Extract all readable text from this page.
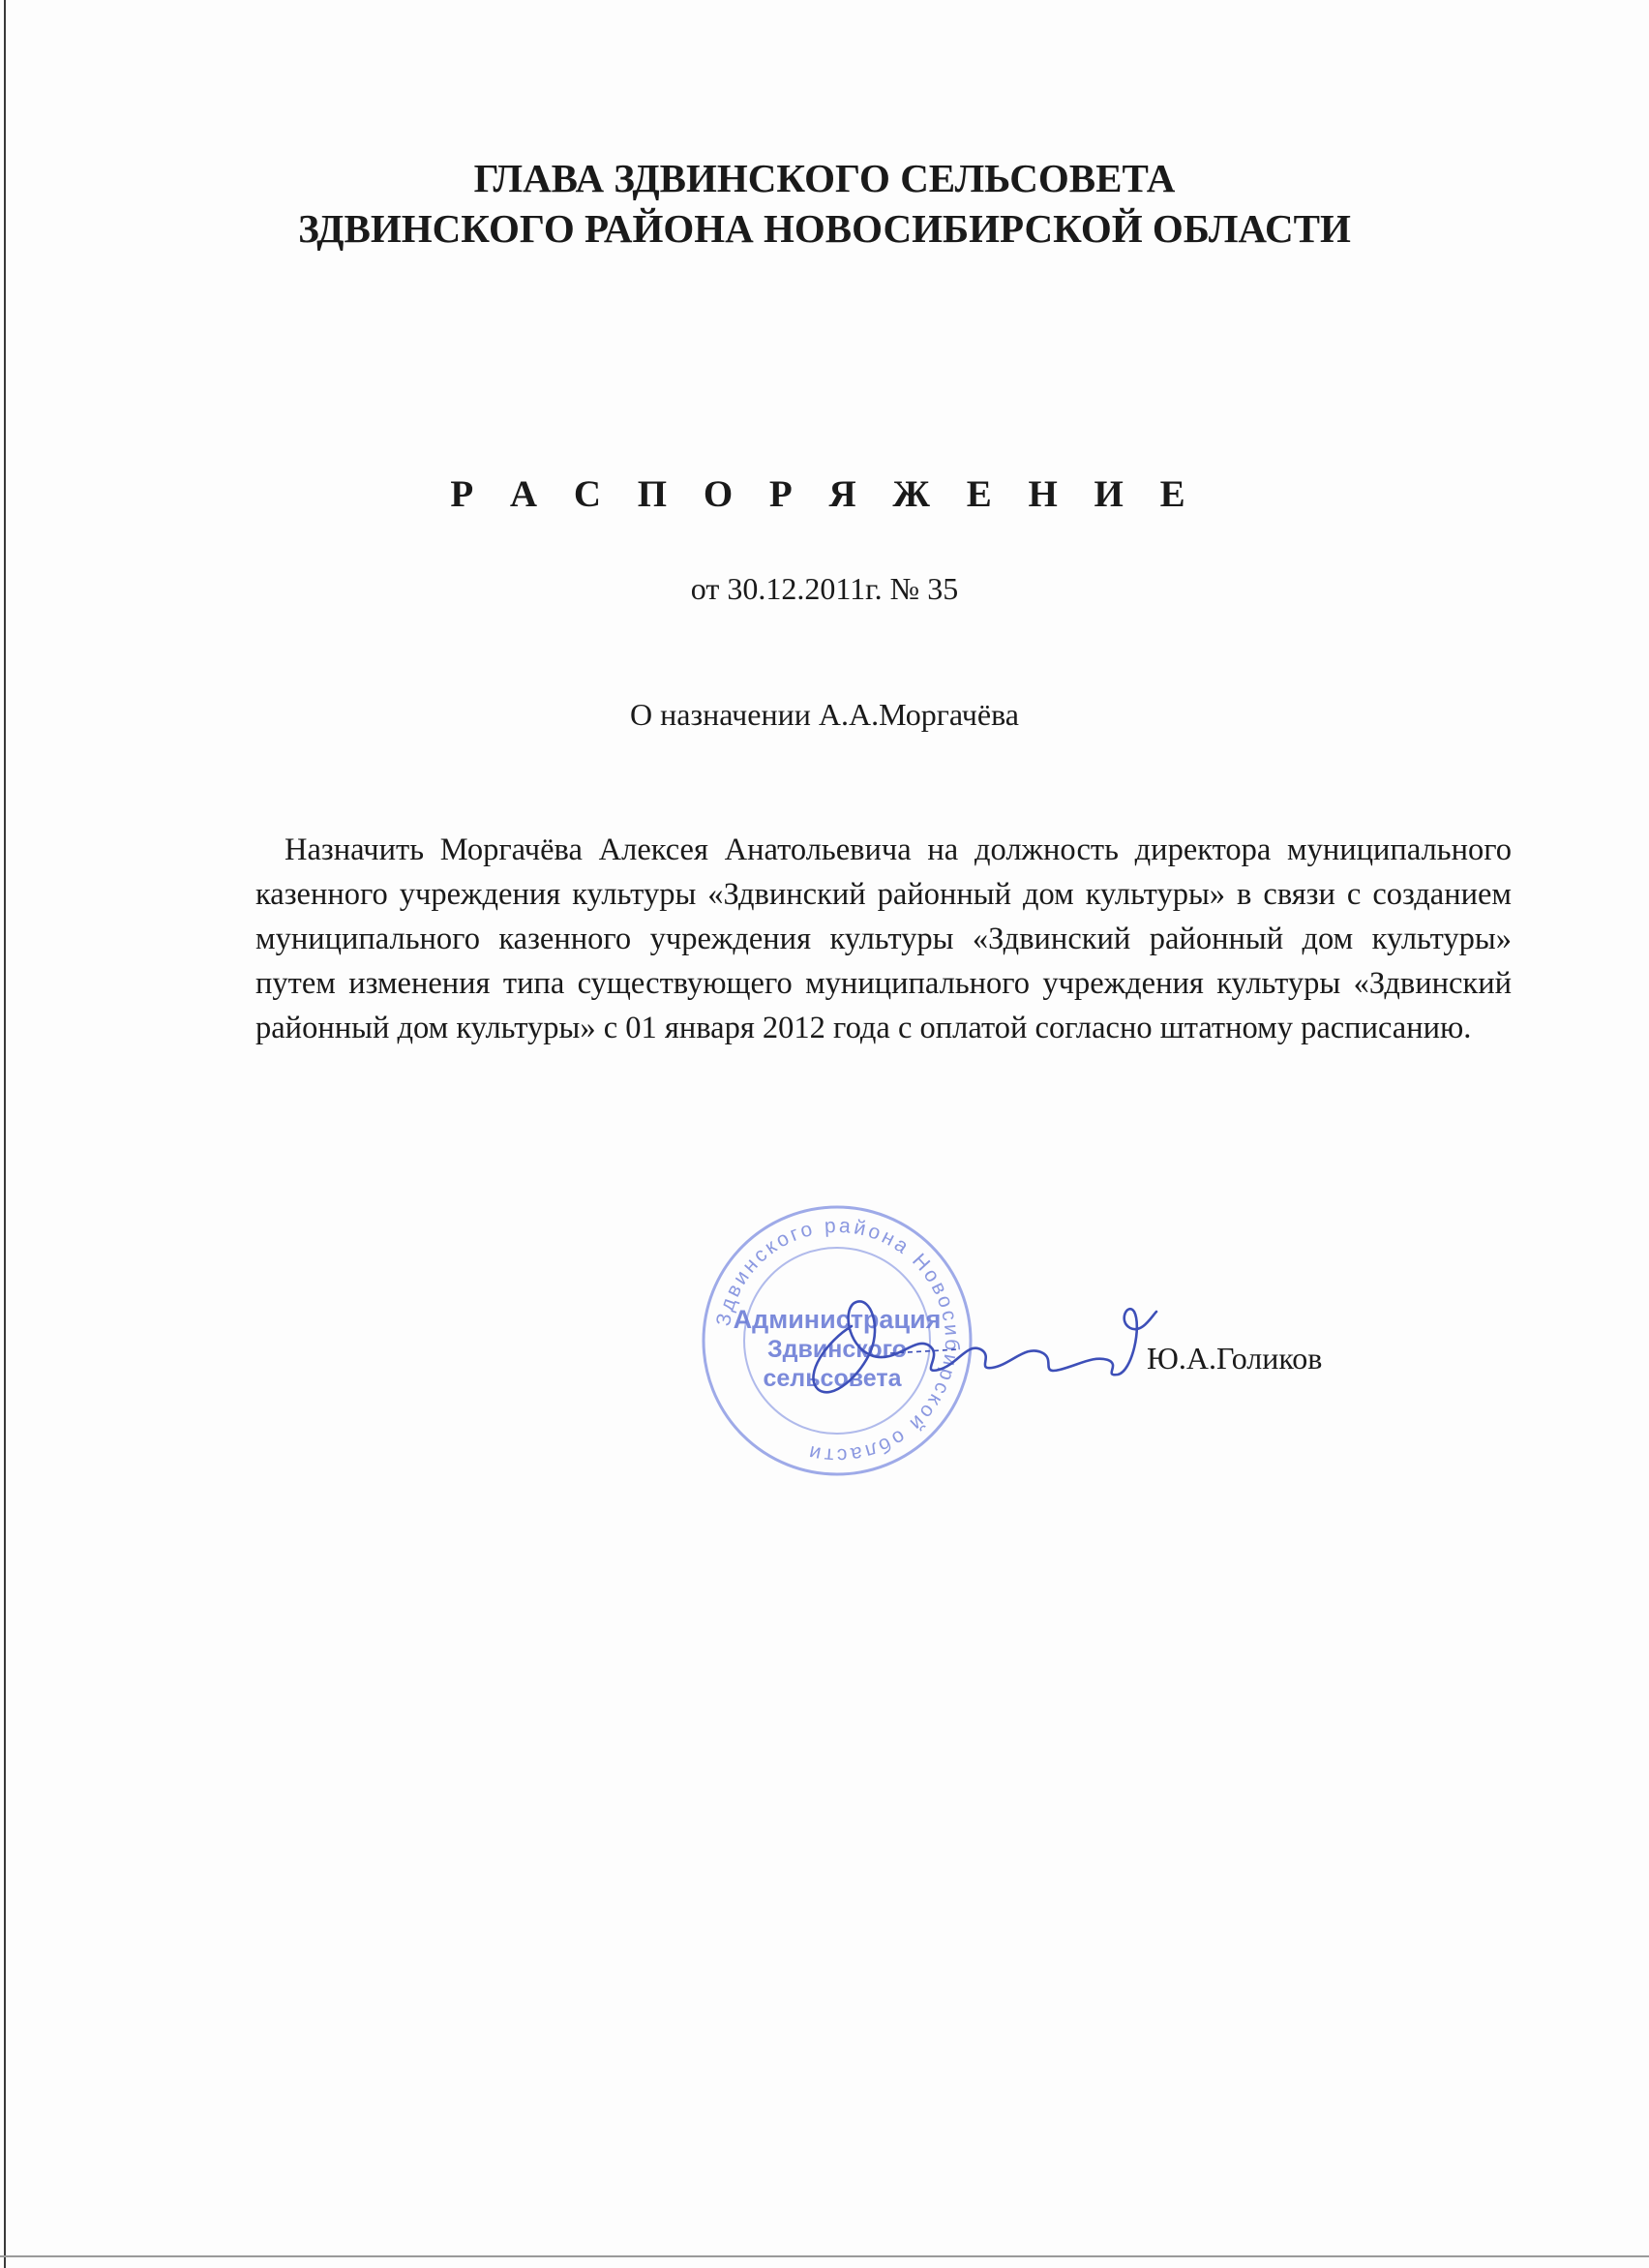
ГЛАВА ЗДВИНСКОГО СЕЛЬСОВЕТА
ЗДВИНСКОГО РАЙОНА НОВОСИБИРСКОЙ ОБЛАСТИ
Р А С П О Р Я Ж Е Н И Е
от 30.12.2011г. № 35
О назначении А.А.Моргачёва
Назначить Моргачёва Алексея Анатольевича на должность директора муниципального казенного учреждения культуры «Здвинский районный дом культуры» в связи с созданием муниципального казенного учреждения культуры «Здвинский районный дом культуры» путем изменения типа существующего муниципального учреждения культуры «Здвинский районный дом культуры» с 01 января 2012 года с оплатой согласно штатному расписанию.
Здвинского района Новосибирской области
Администрация
Здвинского
сельсовета
Ю.А.Голиков
